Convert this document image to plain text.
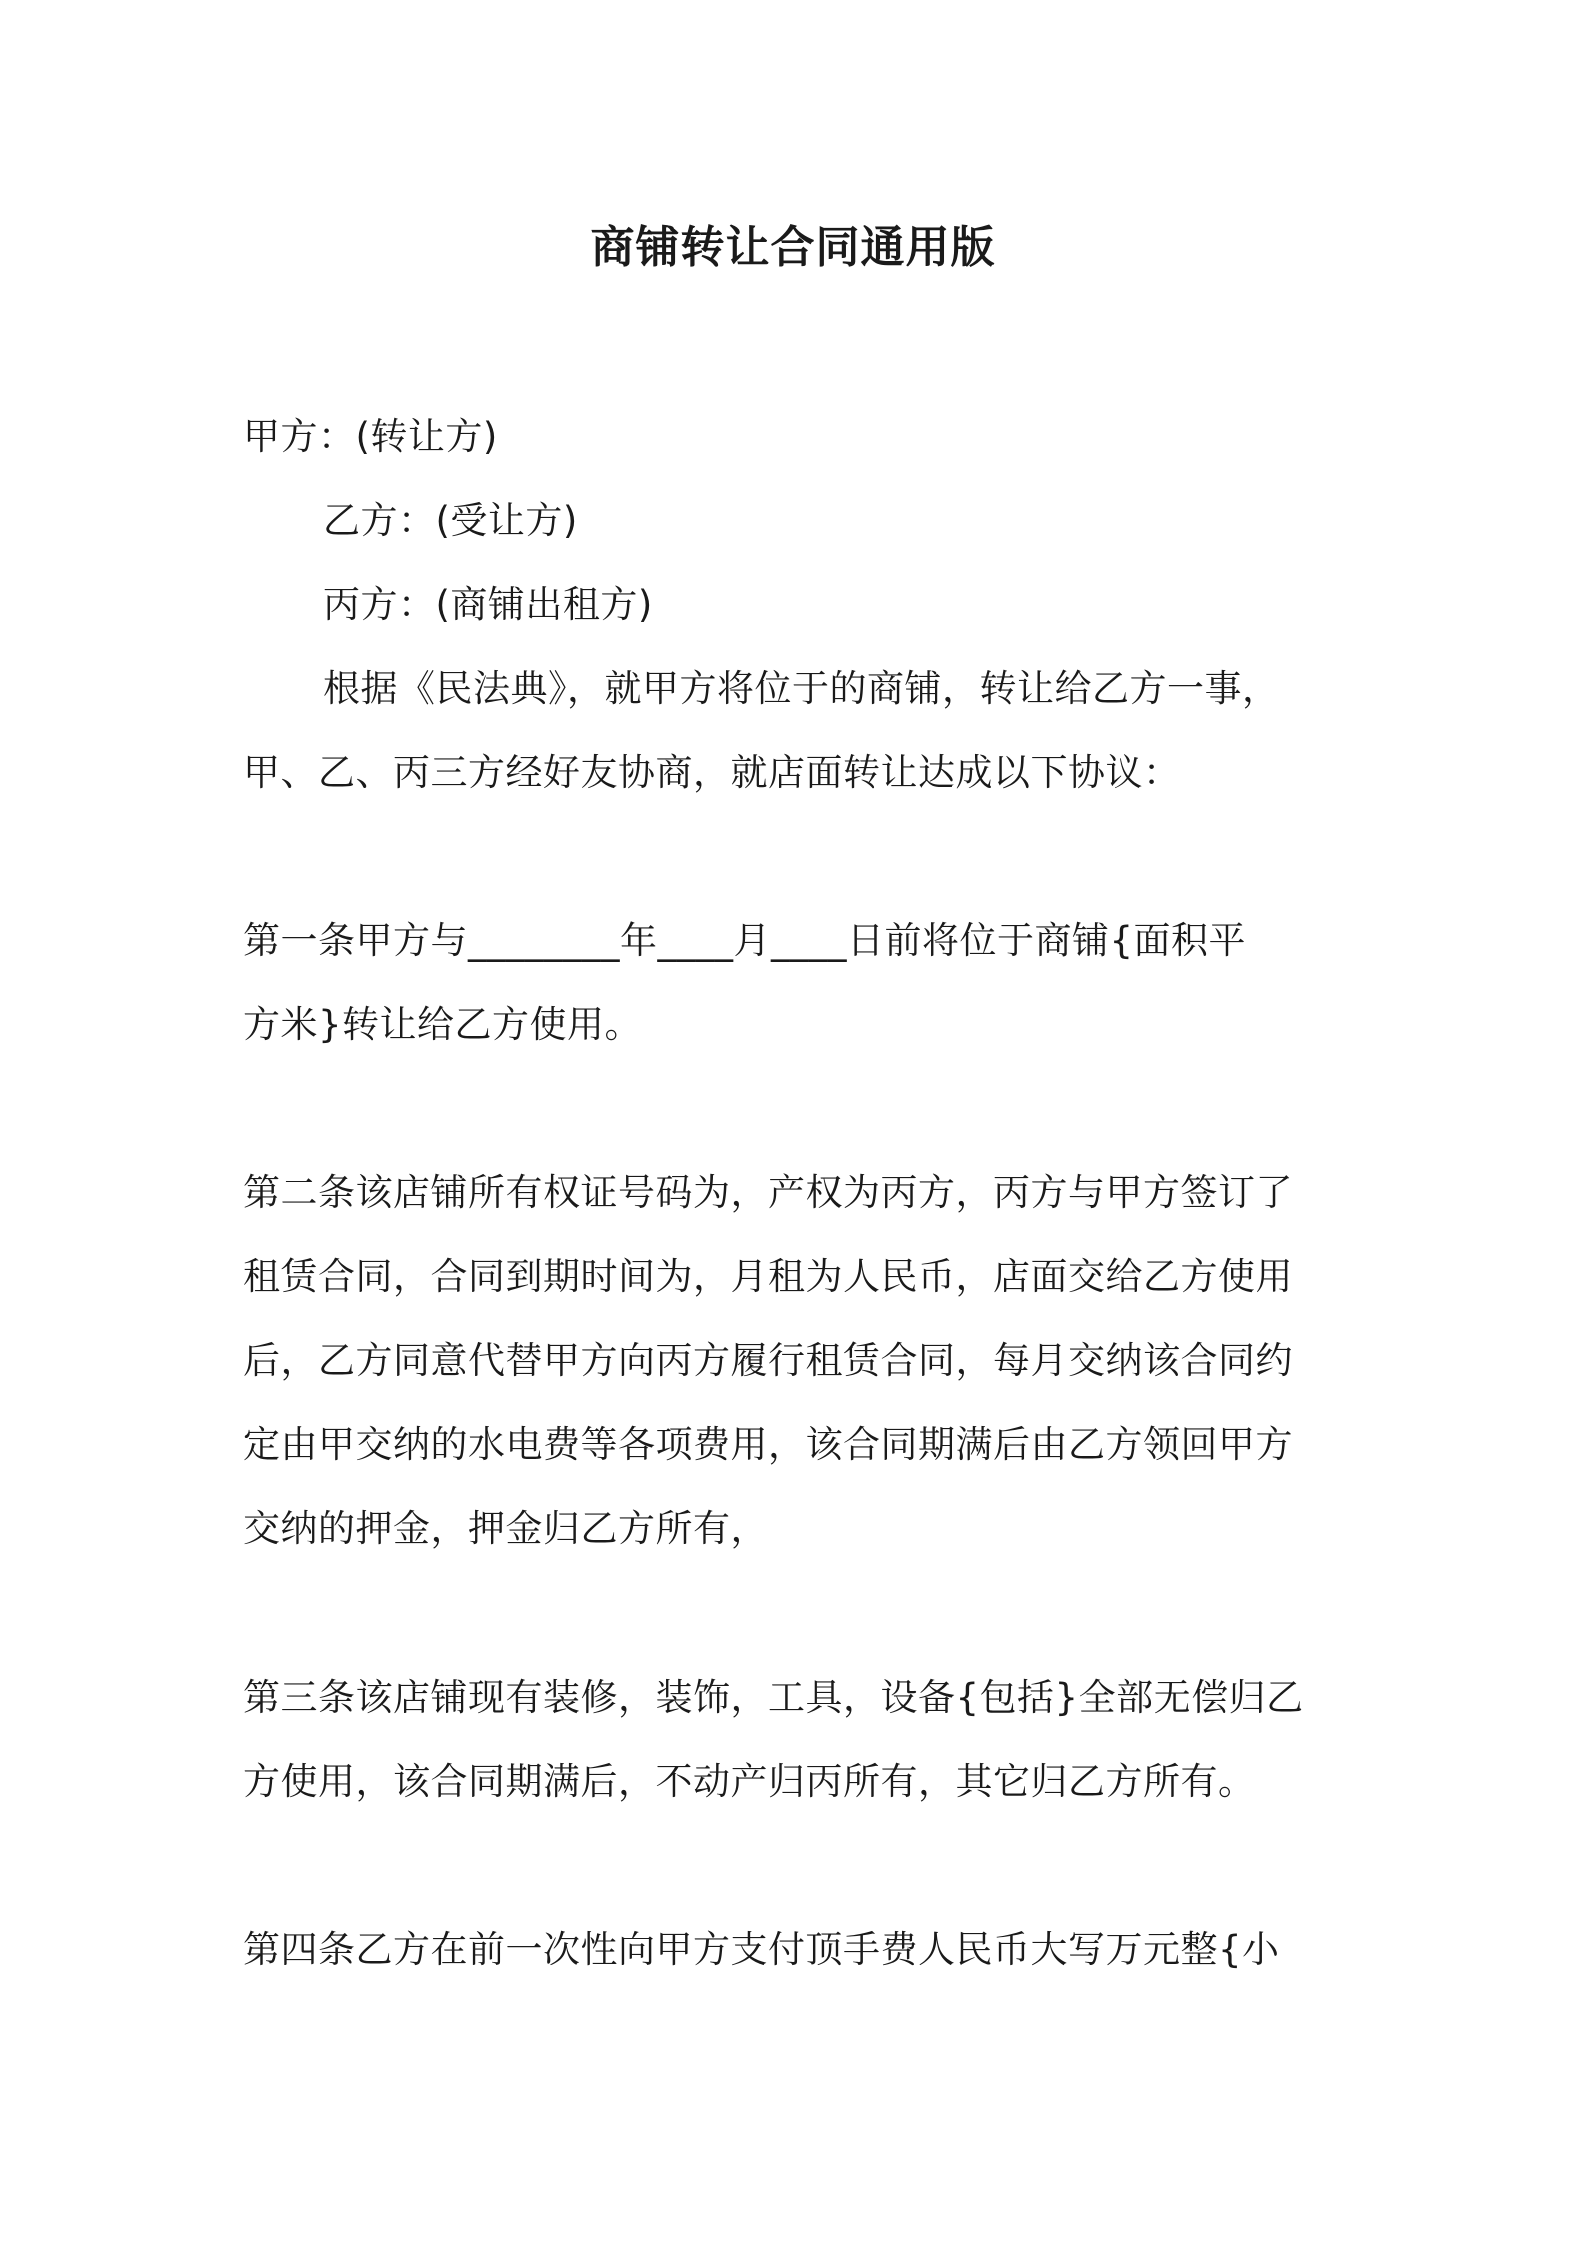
商铺转让合同通用版
甲方：(转让方)
乙方：(受让方)
丙方：(商铺出租方)
根据《民法典》，就甲方将位于的商铺，转让给乙方一事，
甲、乙、丙三方经好友协商，就店面转让达成以下协议：
第一条甲方与________年____月____日前将位于商铺{面积平
方米}转让给乙方使用。
第二条该店铺所有权证号码为，产权为丙方，丙方与甲方签订了
租赁合同，合同到期时间为，月租为人民币，店面交给乙方使用
后，乙方同意代替甲方向丙方履行租赁合同，每月交纳该合同约
定由甲交纳的水电费等各项费用，该合同期满后由乙方领回甲方
交纳的押金，押金归乙方所有，
第三条该店铺现有装修，装饰，工具，设备{包括}全部无偿归乙
方使用，该合同期满后，不动产归丙所有，其它归乙方所有。
第四条乙方在前一次性向甲方支付顶手费人民币大写万元整{小
